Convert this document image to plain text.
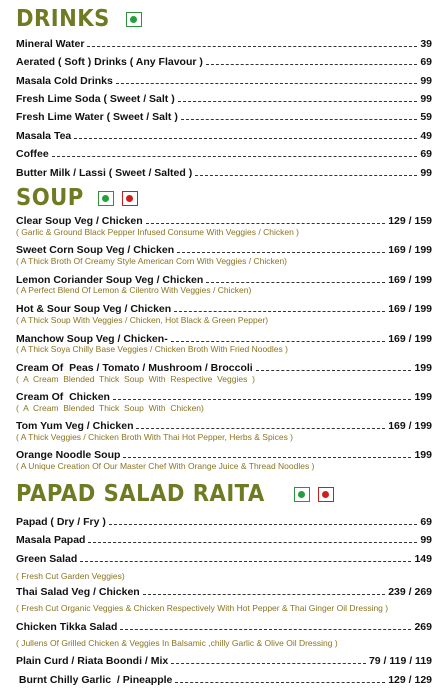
DRINKS
Mineral Water	39
Aerated ( Soft ) Drinks ( Any Flavour )	69
Masala Cold Drinks	99
Fresh Lime Soda ( Sweet / Salt )	99
Fresh Lime Water ( Sweet / Salt )	59
Masala Tea	49
Coffee	69
Butter Milk / Lassi ( Sweet / Salted )	99
SOUP
Clear Soup Veg / Chicken	129 / 159
( Garlic & Ground Black Pepper Infused Consume With Veggies / Chicken )
Sweet Corn Soup Veg / Chicken	169 / 199
( A Thick Broth Of Creamy Style American Corn With Veggies / Chicken)
Lemon Coriander Soup Veg / Chicken	169 / 199
( A Perfect Blend Of Lemon & Cilentro With Veggies / Chicken)
Hot & Sour Soup Veg / Chicken	169 / 199
( A Thick Soup With Veggies / Chicken, Hot Black & Green Pepper)
Manchow Soup Veg / Chicken-	169 / 199
( A Thick Soya Chilly Base Veggies / Chicken Broth With Fried Noodles )
Cream Of  Peas / Tomato / Mushroom / Broccoli	199
(  A  Cream  Blended  Thick  Soup  With  Respective  Veggies  )
Cream Of  Chicken	199
(  A  Cream  Blended  Thick  Soup  With  Chicken)
Tom Yum Veg / Chicken	169 / 199
( A Thick Veggies / Chicken Broth With Thai Hot Pepper, Herbs & Spices )
Orange Noodle Soup	199
( A Unique Creation Of Our Master Chef With Orange Juice & Thread Noodles )
PAPAD SALAD RAITA
Papad ( Dry / Fry )	69
Masala Papad	99
Green Salad	149
( Fresh Cut Garden Veggies)
Thai Salad Veg / Chicken	239 / 269
( Fresh Cut Organic Veggies & Chicken Respectively With Hot Pepper & Thai Ginger Oil Dressing )
Chicken Tikka Salad	269
( Jullens Of Grilled Chicken & Veggies In Balsamic ,chilly Garlic & Olive Oil Dressing )
Plain Curd / Riata Boondi / Mix	79 / 119 / 119
Burnt Chilly Garlic  / Pineapple	129 / 129
